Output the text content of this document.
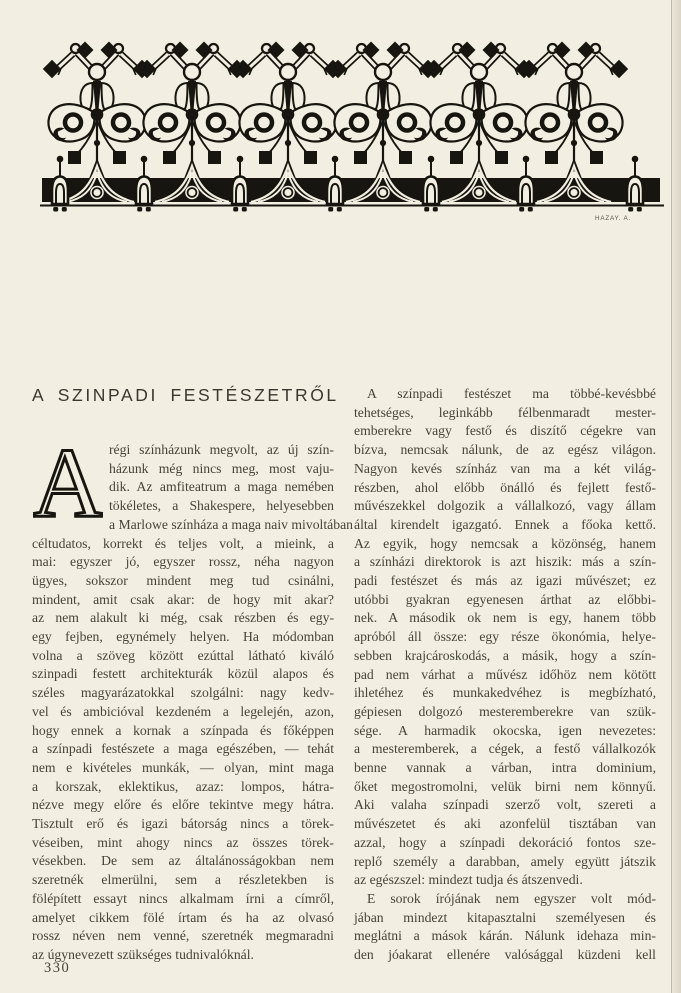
HAZAY. A.
A SZINPADI FESTÉSZETRŐL
A régi színházunk megvolt, az új szín-
házunk még nincs meg, most vaju-
dik. Az amfiteatrum a maga nemében
tökéletes, a Shakespere, helyesebben
a Marlowe színháza a maga naiv mivoltában
céltudatos, korrekt és teljes volt, a mieink, a
mai: egyszer jó, egyszer rossz, néha nagyon
ügyes, sokszor mindent meg tud csinálni,
mindent, amit csak akar: de hogy mit akar?
az nem alakult ki még, csak részben és egy-
egy fejben, egynémely helyen. Ha módomban
volna a szöveg között ezúttal látható kiváló
szinpadi festett architekturák közül alapos és
széles magyarázatokkal szolgálni: nagy kedv-
vel és ambicióval kezdeném a legelején, azon,
hogy ennek a kornak a színpada és főképpen
a színpadi festészete a maga egészében, — tehát
nem e kivételes munkák, — olyan, mint maga
a korszak, eklektikus, azaz: lompos, hátra-
nézve megy előre és előre tekintve megy hátra.
Tisztult erő és igazi bátorság nincs a törek-
véseiben, mint ahogy nincs az összes törek-
vésekben. De sem az általánosságokban nem
szeretnék elmerülni, sem a részletekben is
fölépített essayt nincs alkalmam írni a címről,
amelyet cikkem fölé írtam és ha az olvasó
rossz néven nem venné, szeretnék megmaradni
az úgynevezett szükséges tudnivalóknál.
A színpadi festészet ma többé-kevésbbé
tehetséges, leginkább félbenmaradt mester-
emberekre vagy festő és diszítő cégekre van
bízva, nemcsak nálunk, de az egész világon.
Nagyon kevés színház van ma a két világ-
részben, ahol előbb önálló és fejlett festő-
művészekkel dolgozik a vállalkozó, vagy állam
által kirendelt igazgató. Ennek a főoka kettő.
Az egyik, hogy nemcsak a közönség, hanem
a színházi direktorok is azt hiszik: más a szín-
padi festészet és más az igazi művészet; ez
utóbbi gyakran egyenesen árthat az előbbi-
nek. A második ok nem is egy, hanem több
apróból áll össze: egy része ökonómia, helye-
sebben krajcároskodás, a másik, hogy a szín-
pad nem várhat a művész időhöz nem kötött
ihletéhez és munkakedvéhez is megbízható,
gépiesen dolgozó mesteremberekre van szük-
sége. A harmadik okocska, igen nevezetes:
a mesteremberek, a cégek, a festő vállalkozók
benne vannak a várban, intra dominium,
őket megostromolni, velük birni nem könnyű.
Aki valaha színpadi szerző volt, szereti a
művészetet és aki azonfelül tisztában van
azzal, hogy a színpadi dekoráció fontos sze-
replő személy a darabban, amely együtt játszik
az egészszel: mindezt tudja és átszenvedi.
E sorok írójának nem egyszer volt mód-
jában mindezt kitapasztalni személyesen és
meglátni a mások kárán. Nálunk idehaza min-
den jóakarat ellenére valósággal küzdeni kell
330
